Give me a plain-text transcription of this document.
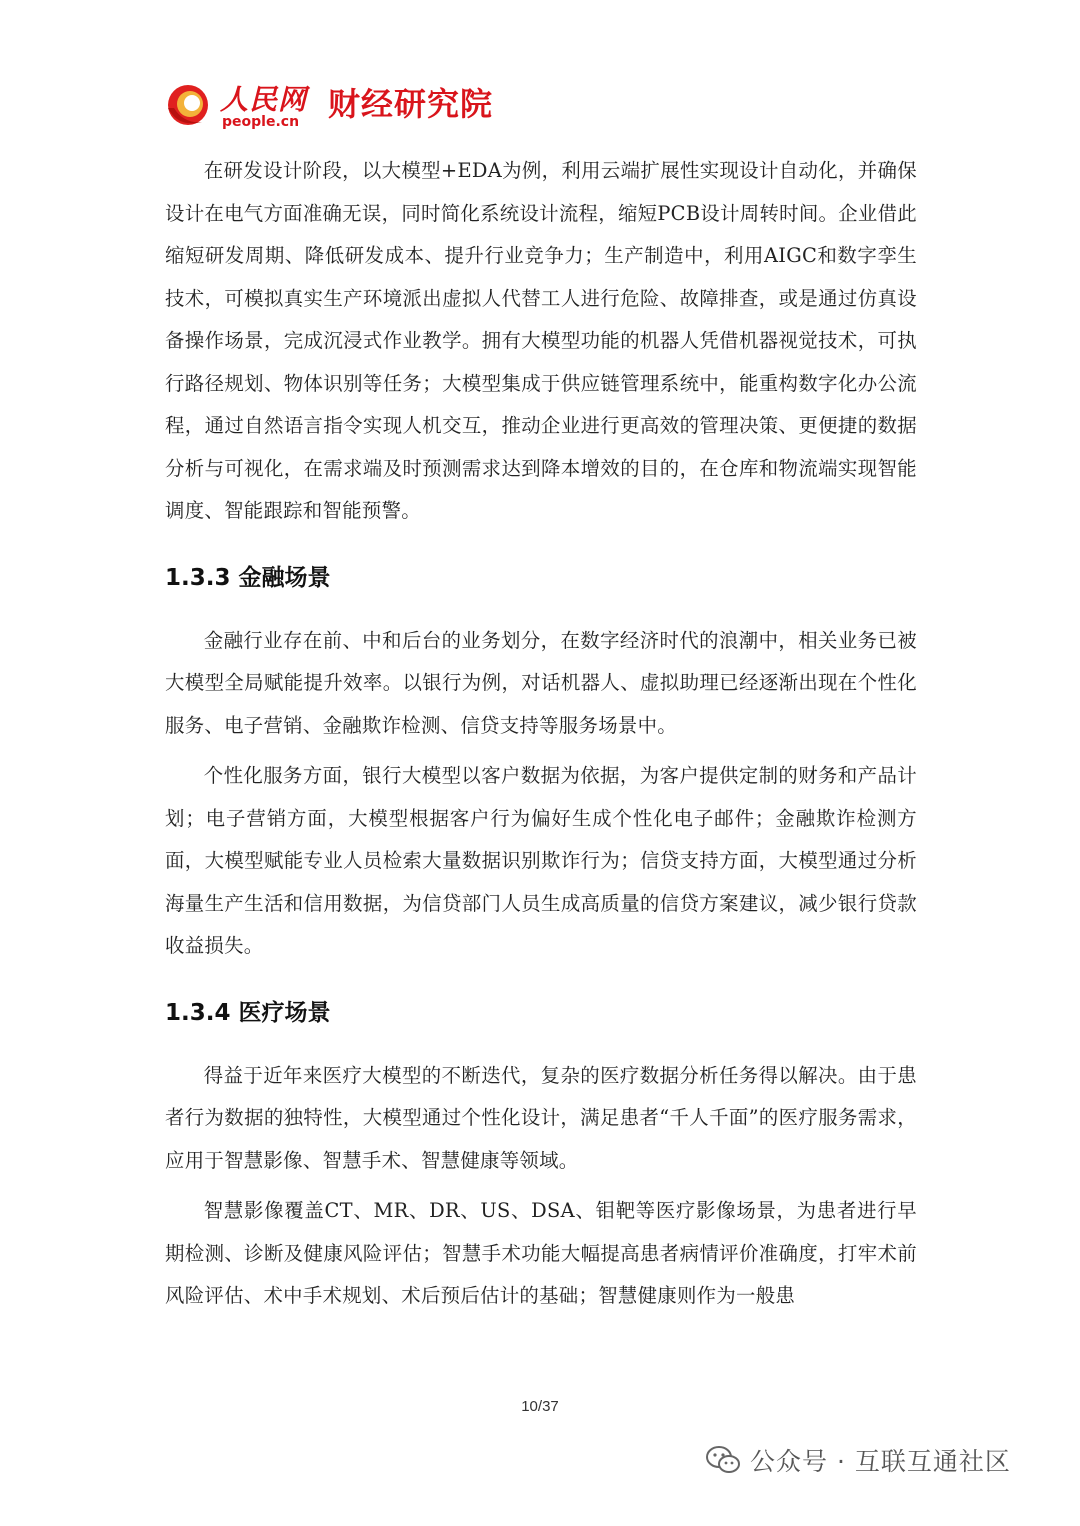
人民网
people.cn 财经研究院

在研发设计阶段，以大模型+EDA为例，利用云端扩展性实现设计自动化，并确保设计在电气方面准确无误，同时简化系统设计流程，缩短PCB设计周转时间。企业借此缩短研发周期、降低研发成本、提升行业竞争力；生产制造中，利用AIGC和数字孪生技术，可模拟真实生产环境派出虚拟人代替工人进行危险、故障排查，或是通过仿真设备操作场景，完成沉浸式作业教学。拥有大模型功能的机器人凭借机器视觉技术，可执行路径规划、物体识别等任务；大模型集成于供应链管理系统中，能重构数字化办公流程，通过自然语言指令实现人机交互，推动企业进行更高效的管理决策、更便捷的数据分析与可视化，在需求端及时预测需求达到降本增效的目的，在仓库和物流端实现智能调度、智能跟踪和智能预警。

1.3.3 金融场景

金融行业存在前、中和后台的业务划分，在数字经济时代的浪潮中，相关业务已被大模型全局赋能提升效率。以银行为例，对话机器人、虚拟助理已经逐渐出现在个性化服务、电子营销、金融欺诈检测、信贷支持等服务场景中。

个性化服务方面，银行大模型以客户数据为依据，为客户提供定制的财务和产品计划；电子营销方面，大模型根据客户行为偏好生成个性化电子邮件；金融欺诈检测方面，大模型赋能专业人员检索大量数据识别欺诈行为；信贷支持方面，大模型通过分析海量生产生活和信用数据，为信贷部门人员生成高质量的信贷方案建议，减少银行贷款收益损失。

1.3.4 医疗场景

得益于近年来医疗大模型的不断迭代，复杂的医疗数据分析任务得以解决。由于患者行为数据的独特性，大模型通过个性化设计，满足患者“千人千面”的医疗服务需求，应用于智慧影像、智慧手术、智慧健康等领域。

智慧影像覆盖CT、MR、DR、US、DSA、钼靶等医疗影像场景，为患者进行早期检测、诊断及健康风险评估；智慧手术功能大幅提高患者病情评价准确度，打牢术前风险评估、术中手术规划、术后预后估计的基础；智慧健康则作为一般患

10/37
公众号 · 互联互通社区
